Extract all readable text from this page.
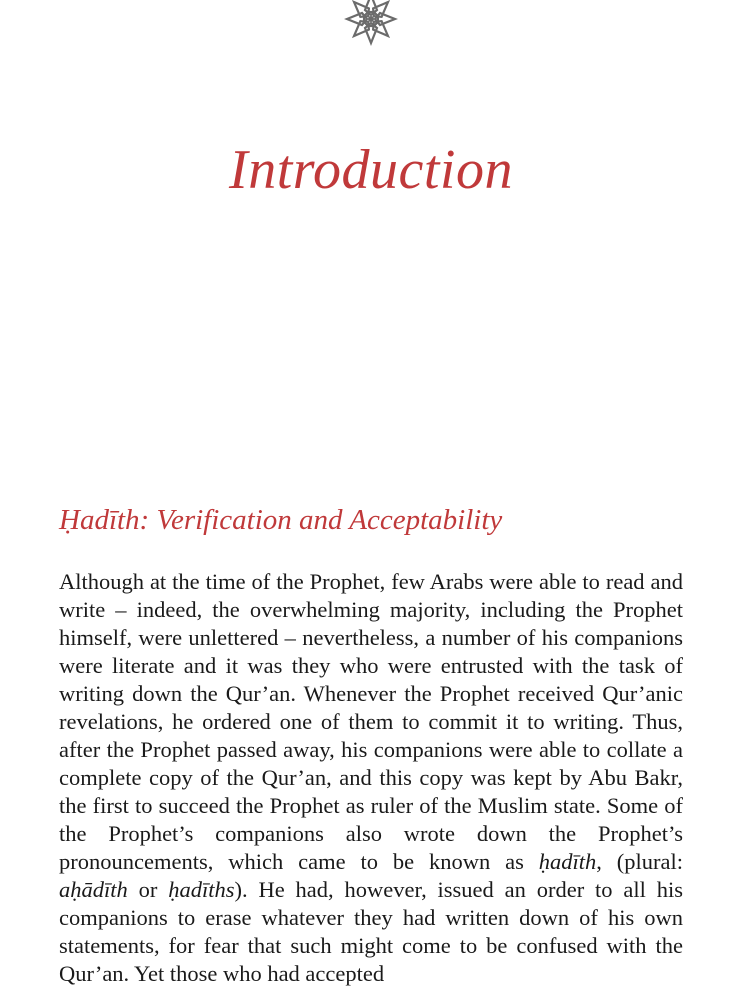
Introduction
Ḥadīth: Verification and Acceptability

Although at the time of the Prophet, few Arabs were able to read and write – indeed, the overwhelming majority, including the Prophet himself, were unlettered – nevertheless, a number of his companions were literate and it was they who were entrusted with the task of writing down the Qur’an. Whenever the Prophet received Qur’anic revelations, he ordered one of them to commit it to writing. Thus, after the Prophet passed away, his companions were able to collate a complete copy of the Qur’an, and this copy was kept by Abu Bakr, the first to succeed the Prophet as ruler of the Muslim state. Some of the Prophet’s companions also wrote down the Prophet’s pronouncements, which came to be known as ḥadīth, (plural: aḥādīth or ḥadīths). He had, however, issued an order to all his companions to erase whatever they had written down of his own statements, for fear that such might come to be confused with the Qur’an. Yet those who had accepted
